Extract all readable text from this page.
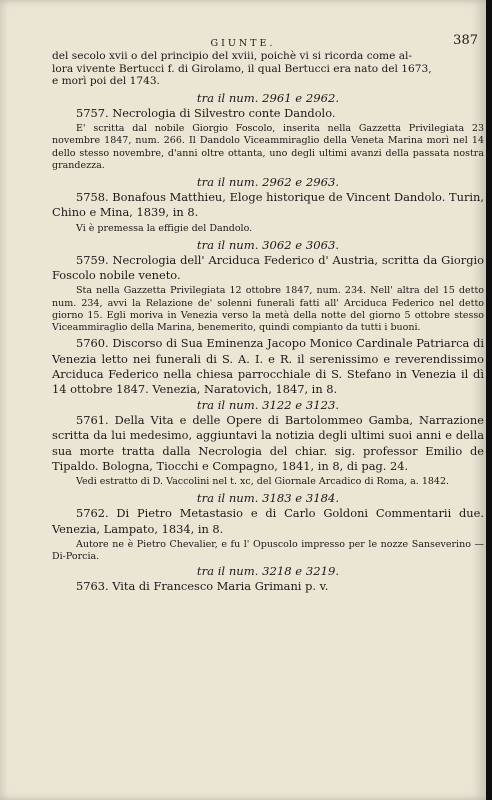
GIUNTE.	387

del secolo xvii o del principio del xviii, poichè vi si ricorda come al-

lora vivente Bertucci f. di Girolamo, il qual Bertucci era nato del 1673,

e morì poi del 1743.

tra il num. 2961 e 2962.

5757. Necrologia di Silvestro conte Dandolo.

E' scritta dal nobile Giorgio Foscolo, inserita nella Gazzetta Privilegiata 23 novembre 1847, num. 266. Il Dandolo Viceammiraglio della Veneta Marina morì nel 14 dello stesso novembre, d'anni oltre ottanta, uno degli ultimi avanzi della passata nostra grandezza.

tra il num. 2962 e 2963.

5758. Bonafous Matthieu, Eloge historique de Vincent Dandolo. Turin, Chino e Mina, 1839, in 8.

Vi è premessa la effigie del Dandolo.

tra il num. 3062 e 3063.

5759. Necrologia dell' Arciduca Federico d' Austria, scritta da Giorgio Foscolo nobile veneto.

Sta nella Gazzetta Privilegiata 12 ottobre 1847, num. 234. Nell' altra del 15 detto num. 234, avvi la Relazione de' solenni funerali fatti all' Arciduca Federico nel detto giorno 15. Egli moriva in Venezia verso la metà della notte del giorno 5 ottobre stesso Viceammiraglio della Marina, benemerito, quindi compianto da tutti i buoni.

5760. Discorso di Sua Eminenza Jacopo Monico Cardinale Patriarca di Venezia letto nei funerali di S. A. I. e R. il serenissimo e reverendissimo Arciduca Federico nella chiesa parrocchiale di S. Stefano in Venezia il dì 14 ottobre 1847. Venezia, Naratovich, 1847, in 8.

tra il num. 3122 e 3123.

5761. Della Vita e delle Opere di Bartolommeo Gamba, Narrazione scritta da lui medesimo, aggiuntavi la notizia degli ultimi suoi anni e della sua morte tratta dalla Necrologia del chiar. sig. professor Emilio de Tipaldo. Bologna, Tiocchi e Compagno, 1841, in 8, di pag. 24.

Vedi estratto di D. Vaccolini nel t. xc, del Giornale Arcadico di Roma, a. 1842.

tra il num. 3183 e 3184.

5762. Di Pietro Metastasio e di Carlo Goldoni Commentarii due. Venezia, Lampato, 1834, in 8.

Autore ne è Pietro Chevalier, e fu l' Opuscolo impresso per le nozze Sanseverino — Di-Porcia.

tra il num. 3218 e 3219.

5763. Vita di Francesco Maria Grimani p. v.
